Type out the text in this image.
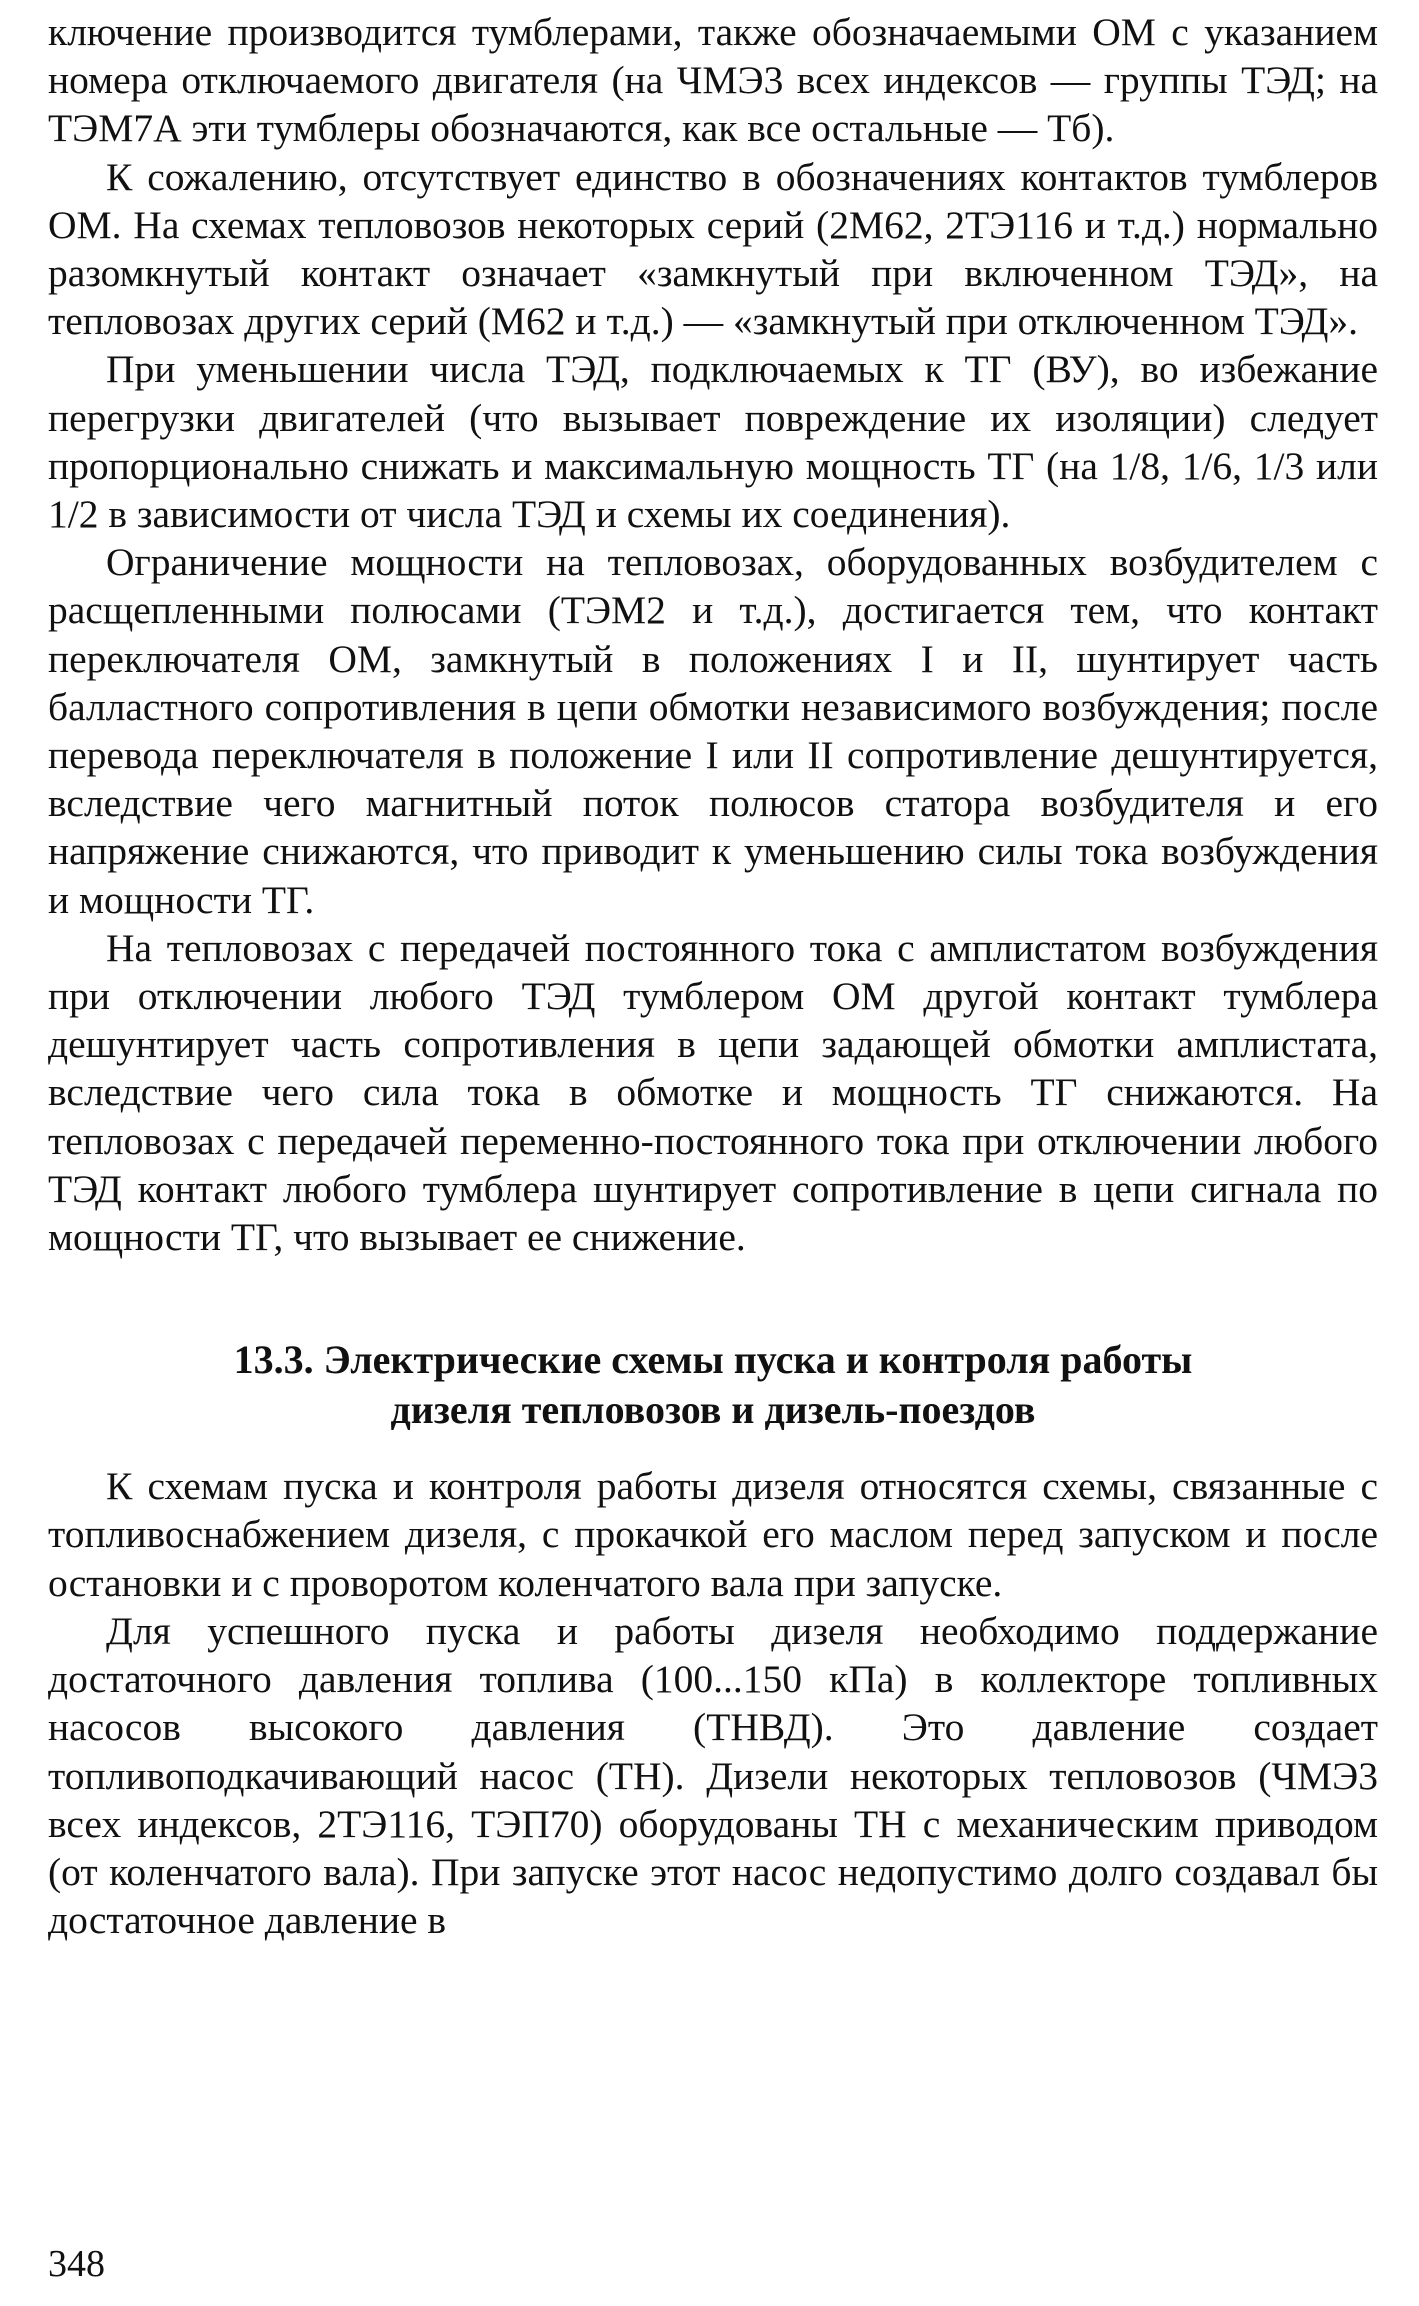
ключение производится тумблерами, также обозначаемыми ОМ с указанием номера отключаемого двигателя (на ЧМЭ3 всех индексов — группы ТЭД; на ТЭМ7А эти тумблеры обозначаются, как все остальные — Тб).

К сожалению, отсутствует единство в обозначениях контактов тумблеров ОМ. На схемах тепловозов некоторых серий (2М62, 2ТЭ116 и т.д.) нормально разомкнутый контакт означает «замкнутый при включенном ТЭД», на тепловозах других серий (М62 и т.д.) — «замкнутый при отключенном ТЭД».

При уменьшении числа ТЭД, подключаемых к ТГ (ВУ), во избежание перегрузки двигателей (что вызывает повреждение их изоляции) следует пропорционально снижать и максимальную мощность ТГ (на 1/8, 1/6, 1/3 или 1/2 в зависимости от числа ТЭД и схемы их соединения).

Ограничение мощности на тепловозах, оборудованных возбудителем с расщепленными полюсами (ТЭМ2 и т.д.), достигается тем, что контакт переключателя ОМ, замкнутый в положениях I и II, шунтирует часть балластного сопротивления в цепи обмотки независимого возбуждения; после перевода переключателя в положение I или II сопротивление дешунтируется, вследствие чего магнитный поток полюсов статора возбудителя и его напряжение снижаются, что приводит к уменьшению силы тока возбуждения и мощности ТГ.

На тепловозах с передачей постоянного тока с амплистатом возбуждения при отключении любого ТЭД тумблером ОМ другой контакт тумблера дешунтирует часть сопротивления в цепи задающей обмотки амплистата, вследствие чего сила тока в обмотке и мощность ТГ снижаются. На тепловозах с передачей переменно-постоянного тока при отключении любого ТЭД контакт любого тумблера шунтирует сопротивление в цепи сигнала по мощности ТГ, что вызывает ее снижение.

13.3. Электрические схемы пуска и контроля работы
дизеля тепловозов и дизель-поездов

К схемам пуска и контроля работы дизеля относятся схемы, связанные с топливоснабжением дизеля, с прокачкой его маслом перед запуском и после остановки и с проворотом коленчатого вала при запуске.

Для успешного пуска и работы дизеля необходимо поддержание достаточного давления топлива (100...150 кПа) в коллекторе топливных насосов высокого давления (ТНВД). Это давление создает топливоподкачивающий насос (ТН). Дизели некоторых тепловозов (ЧМЭ3 всех индексов, 2ТЭ116, ТЭП70) оборудованы ТН с механическим приводом (от коленчатого вала). При запуске этот насос недопустимо долго создавал бы достаточное давление в

348
